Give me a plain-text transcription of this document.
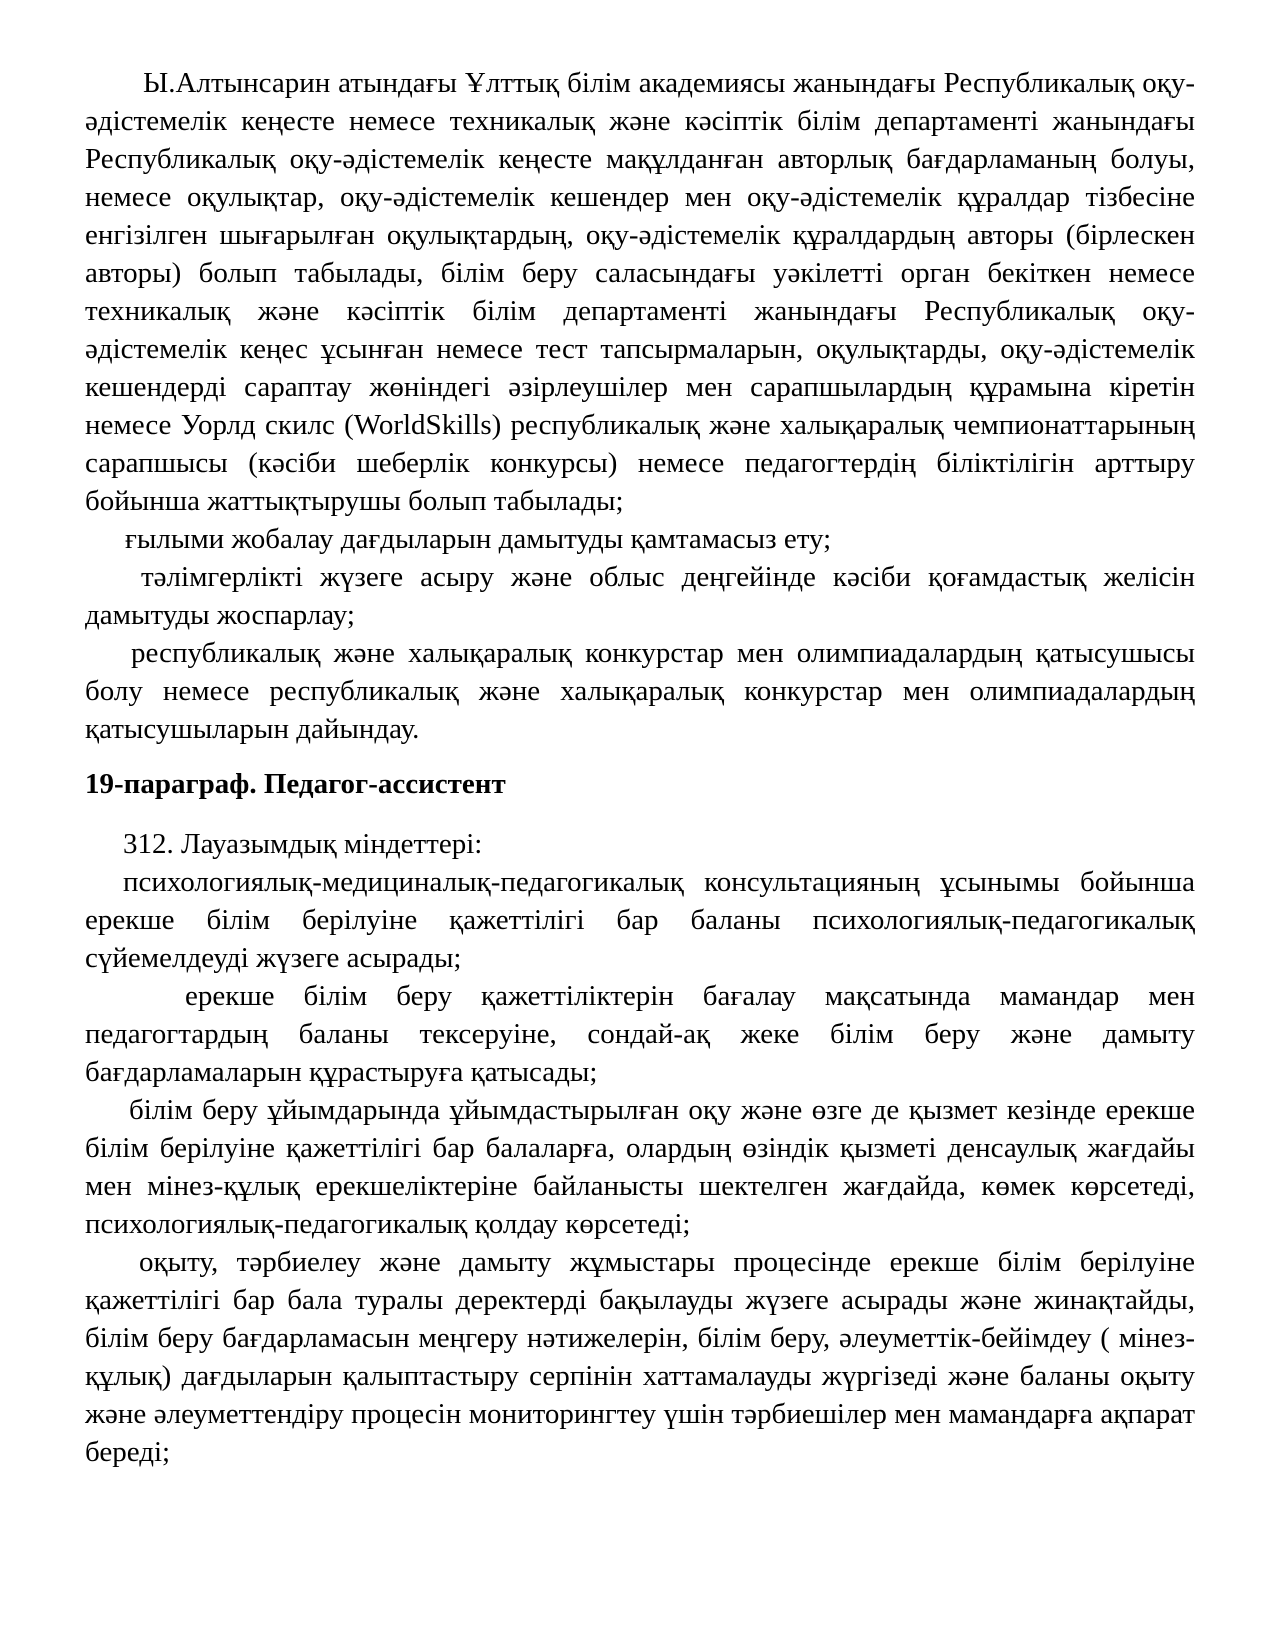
Ы.Алтынсарин атындағы Ұлттық білім академиясы жанындағы Республикалық оқу-әдістемелік кеңесте немесе техникалық және кәсіптік білім департаменті жанындағы Республикалық оқу-әдістемелік кеңесте мақұлданған авторлық бағдарламаның болуы, немесе оқулықтар, оқу-әдістемелік кешендер мен оқу-әдістемелік құралдар тізбесіне енгізілген шығарылған оқулықтардың, оқу-әдістемелік құралдардың авторы (бірлескен авторы) болып табылады, білім беру саласындағы уәкілетті орган бекіткен немесе техникалық және кәсіптік білім департаменті жанындағы Республикалық оқу-әдістемелік кеңес ұсынған немесе тест тапсырмаларын, оқулықтарды, оқу-әдістемелік кешендерді сараптау жөніндегі әзірлеушілер мен сарапшылардың құрамына кіретін немесе Уорлд скилс (WorldSkills) республикалық және халықаралық чемпионаттарының сарапшысы (кәсіби шеберлік конкурсы) немесе педагогтердің біліктілігін арттыру бойынша жаттықтырушы болып табылады;

ғылыми жобалау дағдыларын дамытуды қамтамасыз ету;

тәлімгерлікті жүзеге асыру және облыс деңгейінде кәсіби қоғамдастық желісін дамытуды жоспарлау;

республикалық және халықаралық конкурстар мен олимпиадалардың қатысушысы болу немесе республикалық және халықаралық конкурстар мен олимпиадалардың қатысушыларын дайындау.

19-параграф. Педагог-ассистент

312. Лауазымдық міндеттері:

психологиялық-медициналық-педагогикалық консультацияның ұсынымы бойынша ерекше білім берілуіне қажеттілігі бар баланы психологиялық-педагогикалық сүйемелдеуді жүзеге асырады;

ерекше білім беру қажеттіліктерін бағалау мақсатында мамандар мен педагогтардың баланы тексеруіне, сондай-ақ жеке білім беру және дамыту бағдарламаларын құрастыруға қатысады;

білім беру ұйымдарында ұйымдастырылған оқу және өзге де қызмет кезінде ерекше білім берілуіне қажеттілігі бар балаларға, олардың өзіндік қызметі денсаулық жағдайы мен мінез-құлық ерекшеліктеріне байланысты шектелген жағдайда, көмек көрсетеді, психологиялық-педагогикалық қолдау көрсетеді;

оқыту, тәрбиелеу және дамыту жұмыстары процесінде ерекше білім берілуіне қажеттілігі бар бала туралы деректерді бақылауды жүзеге асырады және жинақтайды, білім беру бағдарламасын меңгеру нәтижелерін, білім беру, әлеуметтік-бейімдеу ( мінез-құлық) дағдыларын қалыптастыру серпінін хаттамалауды жүргізеді және баланы оқыту және әлеуметтендіру процесін мониторингтеу үшін тәрбиешілер мен мамандарға ақпарат береді;
